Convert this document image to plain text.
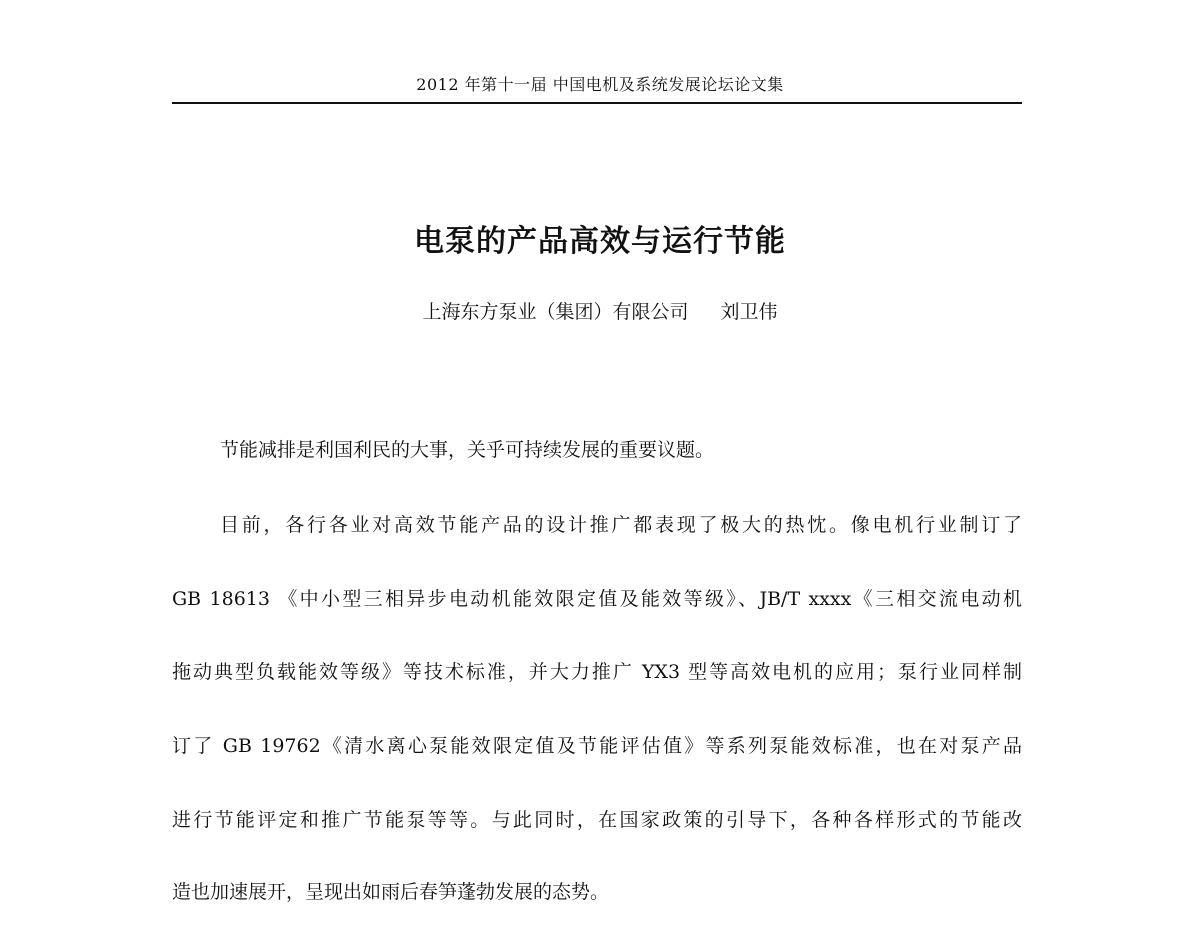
2012 年第十一届 中国电机及系统发展论坛论文集
电泵的产品高效与运行节能
上海东方泵业（集团）有限公司 刘卫伟
节能减排是利国利民的大事，关乎可持续发展的重要议题。
目前，各行各业对高效节能产品的设计推广都表现了极大的热忱。像电机行业制订了
GB 18613 《中小型三相异步电动机能效限定值及能效等级》、JB/T xxxx《三相交流电动机
拖动典型负载能效等级》等技术标准，并大力推广 YX3 型等高效电机的应用；泵行业同样制
订了 GB 19762《清水离心泵能效限定值及节能评估值》等系列泵能效标准，也在对泵产品
进行节能评定和推广节能泵等等。与此同时，在国家政策的引导下，各种各样形式的节能改
造也加速展开，呈现出如雨后春笋蓬勃发展的态势。
